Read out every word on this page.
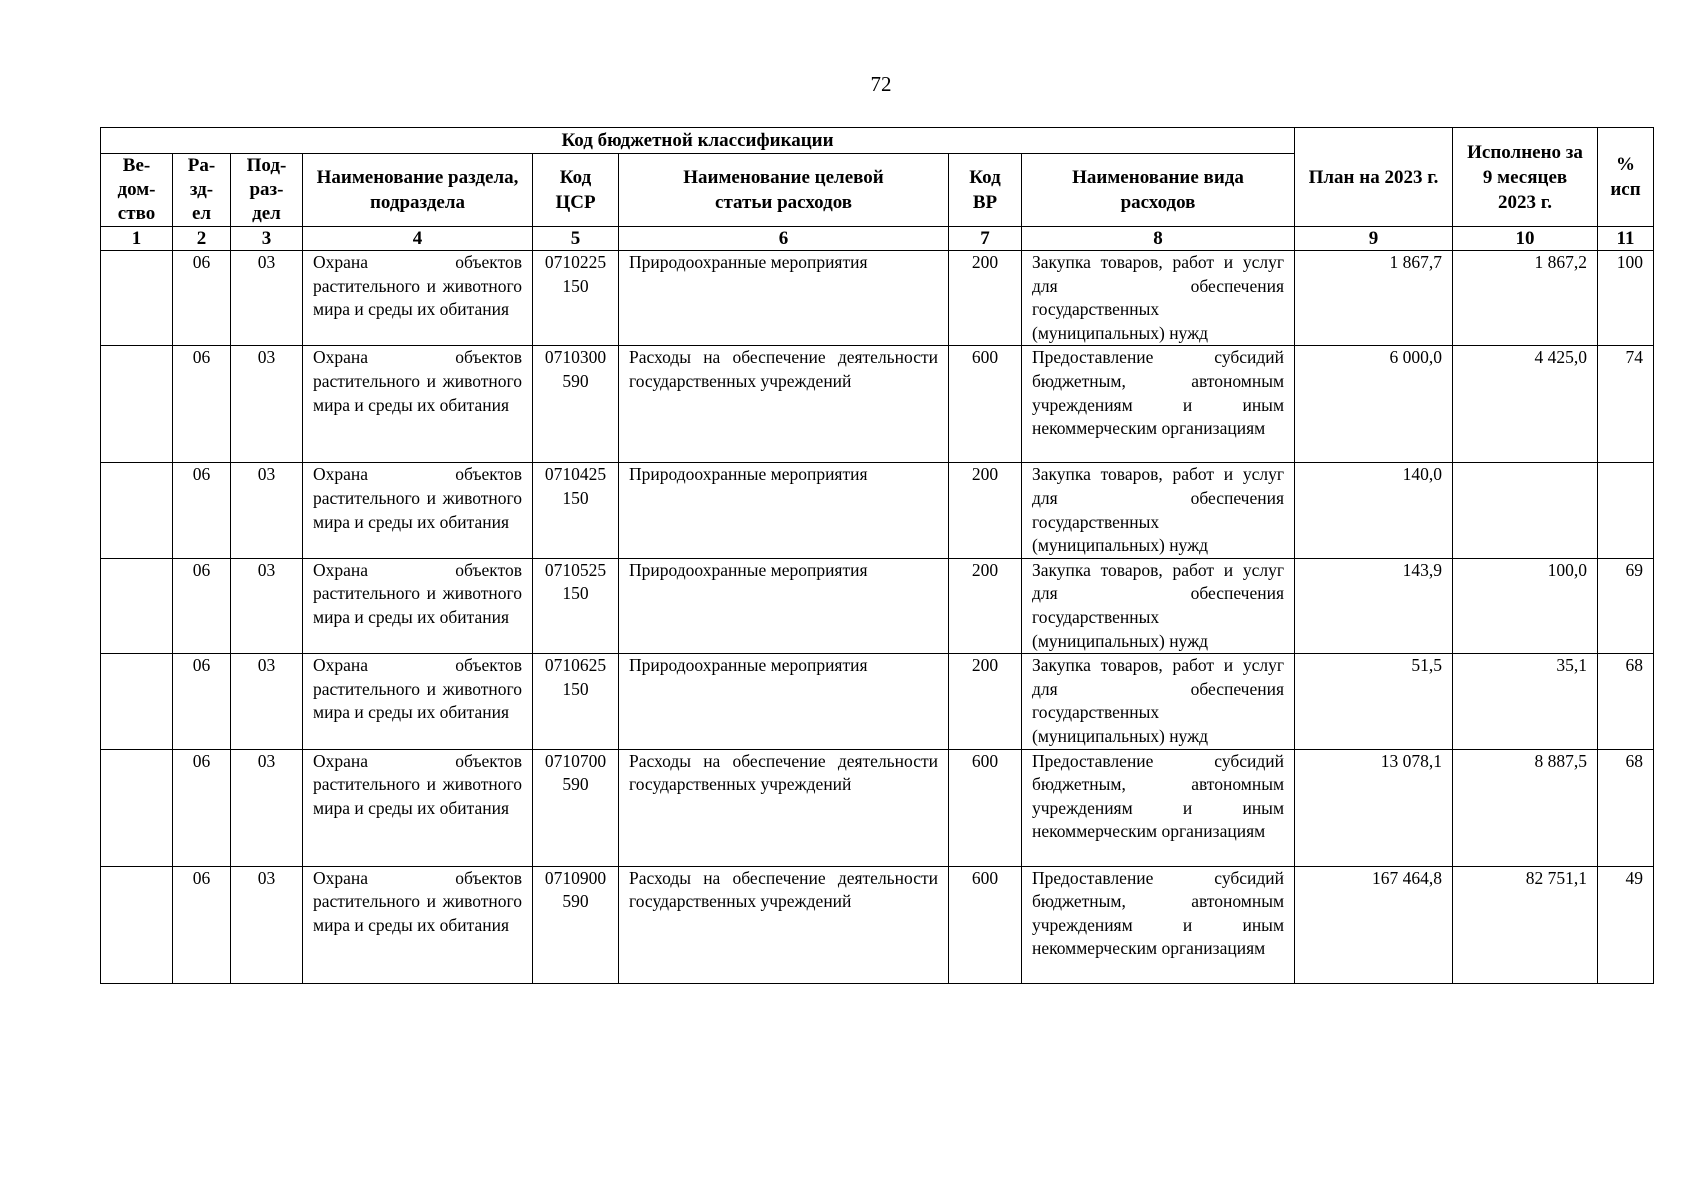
72
Код бюджетной классификации								План на 2023 г.	Исполнено за 9 месяцев 2023 г.	% исп
Ве-
дом-
ство	Ра-
зд-
ел	Под-
раз-
дел	Наименование раздела, подраздела	Код ЦСР	Наименование целевой статьи расходов	Код ВР	Наименование вида расходов			
1	2	3	4	5	6	7	8	9	10	11
	06	03	Охрана объектов растительного и животного мира и среды их обитания	0710225150	Природоохранные мероприятия	200	Закупка товаров, работ и услуг для обеспечения государственных (муниципальных) нужд	1 867,7	1 867,2	100
	06	03	Охрана объектов растительного и животного мира и среды их обитания	0710300590	Расходы на обеспечение деятельности государственных учреждений	600	Предоставление субсидий бюджетным, автономным учреждениям и иным некоммерческим организациям	6 000,0	4 425,0	74
	06	03	Охрана объектов растительного и животного мира и среды их обитания	0710425150	Природоохранные мероприятия	200	Закупка товаров, работ и услуг для обеспечения государственных (муниципальных) нужд	140,0		
	06	03	Охрана объектов растительного и животного мира и среды их обитания	0710525150	Природоохранные мероприятия	200	Закупка товаров, работ и услуг для обеспечения государственных (муниципальных) нужд	143,9	100,0	69
	06	03	Охрана объектов растительного и животного мира и среды их обитания	0710625150	Природоохранные мероприятия	200	Закупка товаров, работ и услуг для обеспечения государственных (муниципальных) нужд	51,5	35,1	68
	06	03	Охрана объектов растительного и животного мира и среды их обитания	0710700590	Расходы на обеспечение деятельности государственных учреждений	600	Предоставление субсидий бюджетным, автономным учреждениям и иным некоммерческим организациям	13 078,1	8 887,5	68
	06	03	Охрана объектов растительного и животного мира и среды их обитания	0710900590	Расходы на обеспечение деятельности государственных учреждений	600	Предоставление субсидий бюджетным, автономным учреждениям и иным некоммерческим организациям	167 464,8	82 751,1	49
